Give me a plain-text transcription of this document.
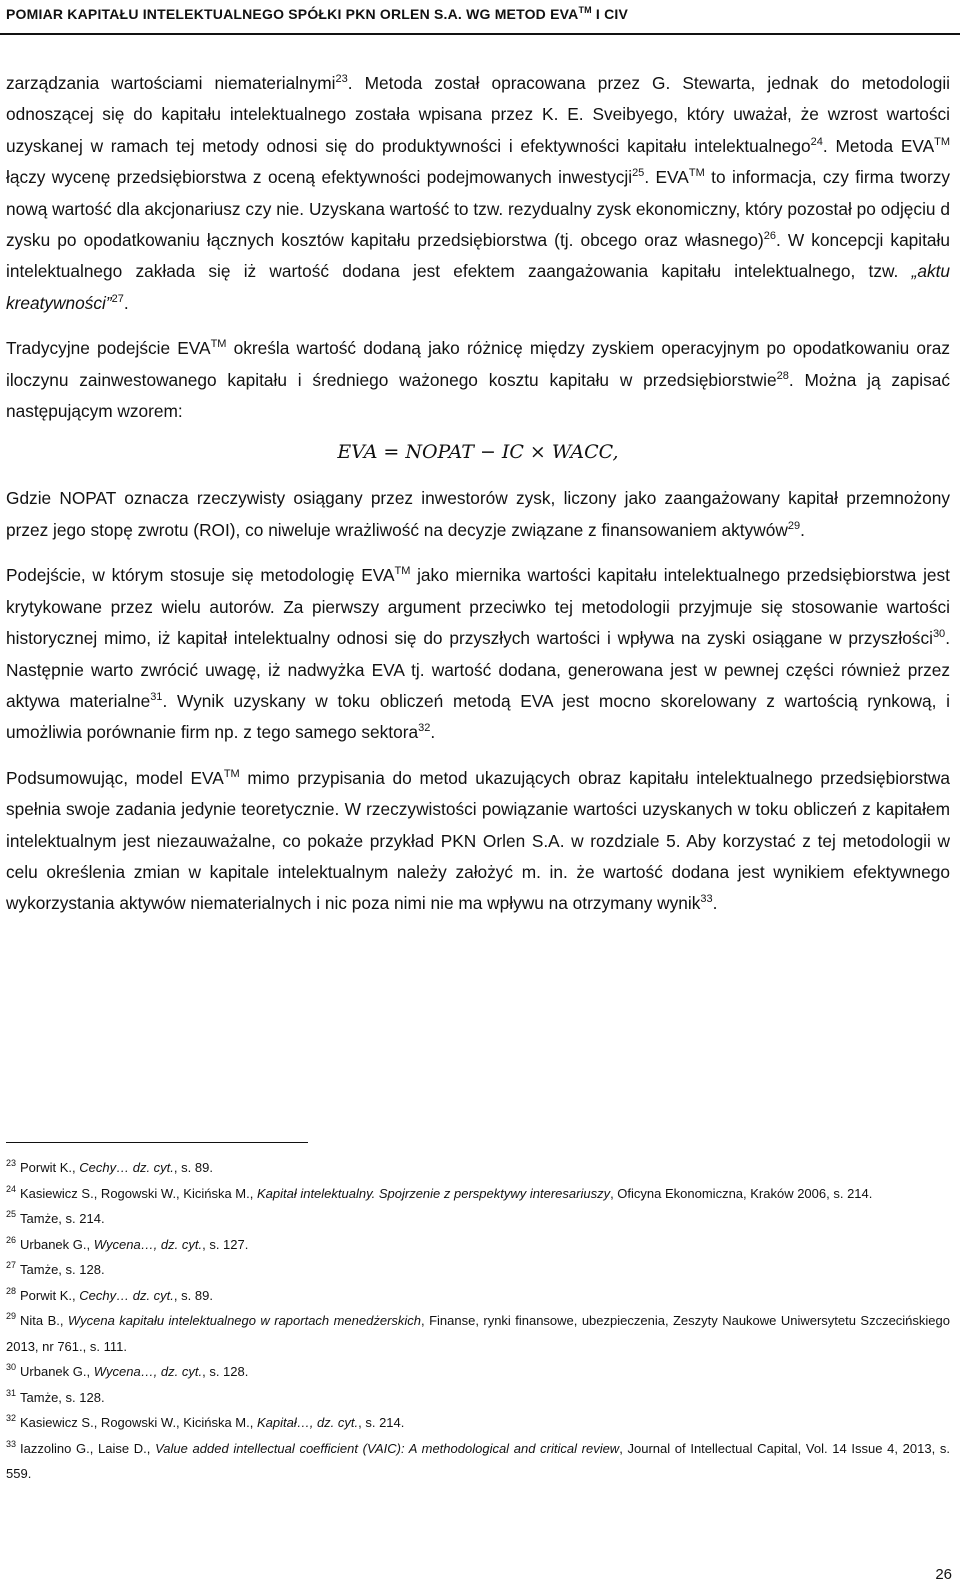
POMIAR KAPITAŁU INTELEKTUALNEGO SPÓŁKI PKN ORLEN S.A. WG METOD EVA™ I CIV

zarządzania wartościami niematerialnymi$^{23}$. Metoda został opracowana przez G. Stewarta, jednak do metodologii odnoszącej się do kapitału intelektualnego została wpisana przez K. E. Sveibyego, który uważał, że wzrost wartości uzyskanej w ramach tej metody odnosi się do produktywności i efektywności kapitału intelektualnego$^{24}$. Metoda EVA™ łączy wycenę przedsiębiorstwa z oceną efektywności podejmowanych inwestycji$^{25}$. EVA™ to informacja, czy firma tworzy nową wartość dla akcjonariusz czy nie. Uzyskana wartość to tzw. rezydualny zysk ekonomiczny, który pozostał po odjęciu d zysku po opodatkowaniu łącznych kosztów kapitału przedsiębiorstwa (tj. obcego oraz własnego)$^{26}$. W koncepcji kapitału intelektualnego zakłada się iż wartość dodana jest efektem zaangażowania kapitału intelektualnego, tzw. „aktu kreatywności”$^{27}$.

Tradycyjne podejście EVA™ określa wartość dodaną jako różnicę między zyskiem operacyjnym po opodatkowaniu oraz iloczynu zainwestowanego kapitału i średniego ważonego kosztu kapitału w przedsiębiorstwie$^{28}$. Można ją zapisać następującym wzorem:

EVA = NOPAT − IC × WACC,

Gdzie NOPAT oznacza rzeczywisty osiągany przez inwestorów zysk, liczony jako zaangażowany kapitał przemnożony przez jego stopę zwrotu (ROI), co niweluje wrażliwość na decyzje związane z finansowaniem aktywów$^{29}$.

Podejście, w którym stosuje się metodologię EVA™ jako miernika wartości kapitału intelektualnego przedsiębiorstwa jest krytykowane przez wielu autorów. Za pierwszy argument przeciwko tej metodologii przyjmuje się stosowanie wartości historycznej mimo, iż kapitał intelektualny odnosi się do przyszłych wartości i wpływa na zyski osiągane w przyszłości$^{30}$. Następnie warto zwrócić uwagę, iż nadwyżka EVA tj. wartość dodana, generowana jest w pewnej części również przez aktywa materialne$^{31}$. Wynik uzyskany w toku obliczeń metodą EVA jest mocno skorelowany z wartością rynkową, i umożliwia porównanie firm np. z tego samego sektora$^{32}$.

Podsumowując, model EVA™ mimo przypisania do metod ukazujących obraz kapitału intelektualnego przedsiębiorstwa spełnia swoje zadania jedynie teoretycznie. W rzeczywistości powiązanie wartości uzyskanych w toku obliczeń z kapitałem intelektualnym jest niezauważalne, co pokaże przykład PKN Orlen S.A. w rozdziale 5. Aby korzystać z tej metodologii w celu określenia zmian w kapitale intelektualnym należy założyć m. in. że wartość dodana jest wynikiem efektywnego wykorzystania aktywów niematerialnych i nic poza nimi nie ma wpływu na otrzymany wynik$^{33}$.

$^{23}$ Porwit K., Cechy… dz. cyt., s. 89.

$^{24}$ Kasiewicz S., Rogowski W., Kicińska M., Kapitał intelektualny. Spojrzenie z perspektywy interesariuszy, Oficyna Ekonomiczna, Kraków 2006, s. 214.

$^{25}$ Tamże, s. 214.

$^{26}$ Urbanek G., Wycena…, dz. cyt., s. 127.

$^{27}$ Tamże, s. 128.

$^{28}$ Porwit K., Cechy… dz. cyt., s. 89.

$^{29}$ Nita B., Wycena kapitału intelektualnego w raportach menedżerskich, Finanse, rynki finansowe, ubezpieczenia, Zeszyty Naukowe Uniwersytetu Szczecińskiego 2013, nr 761., s. 111.

$^{30}$ Urbanek G., Wycena…, dz. cyt., s. 128.

$^{31}$ Tamże, s. 128.

$^{32}$ Kasiewicz S., Rogowski W., Kicińska M., Kapitał…, dz. cyt., s. 214.

$^{33}$ Iazzolino G., Laise D., Value added intellectual coefficient (VAIC): A methodological and critical review, Journal of Intellectual Capital, Vol. 14 Issue 4, 2013, s. 559.

26
